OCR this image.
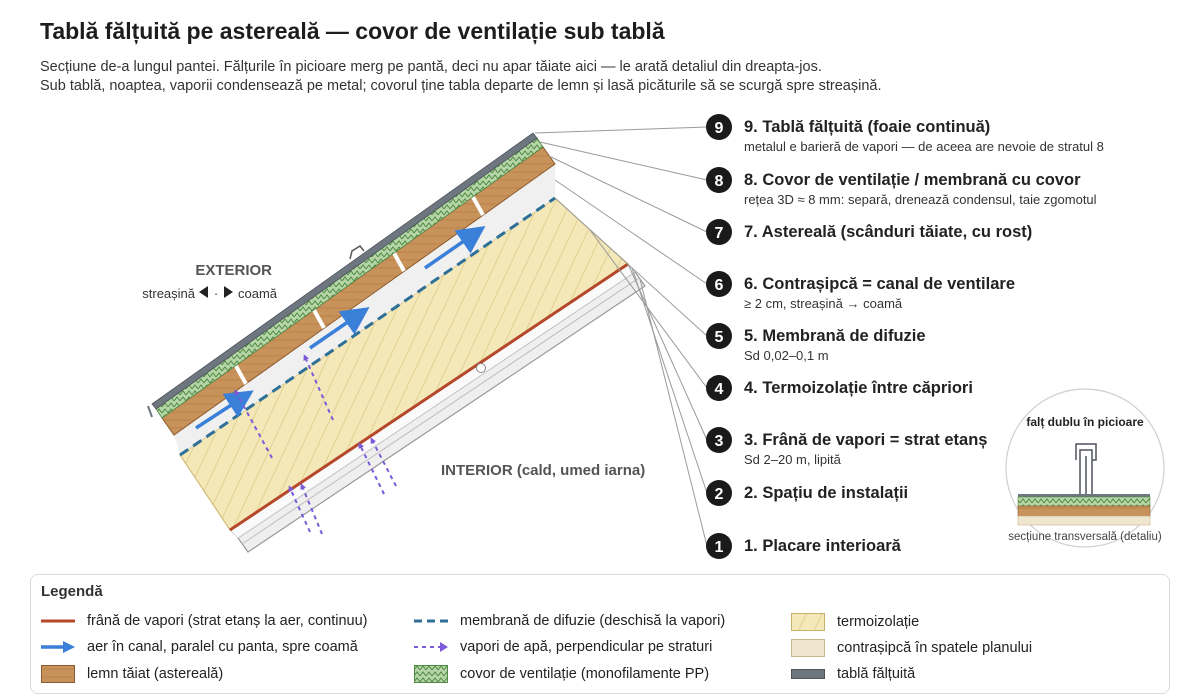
Tablă fălțuită pe astereală — covor de ventilație sub tablă
Secțiune de-a lungul pantei. Fălțurile în picioare merg pe pantă, deci nu apar tăiate aici — le arată detaliul din dreapta-jos.
Sub tablă, noaptea, vaporii condensează pe metal; covorul ține tabla departe de lemn și lasă picăturile să se scurgă spre streașină.
EXTERIOR
streașină · coamă
INTERIOR (cald, umed iarna)
9 9. Tablă fălțuită (foaie continuă)
metalul e barieră de vapori — de aceea are nevoie de stratul 8
8 8. Covor de ventilație / membrană cu covor
rețea 3D ≈ 8 mm: separă, drenează condensul, taie zgomotul
7 7. Astereală (scânduri tăiate, cu rost)
6 6. Contrașipcă = canal de ventilare
≥ 2 cm, streașină → coamă
5 5. Membrană de difuzie
Sd 0,02–0,1 m
4 4. Termoizolație între căpriori
3 3. Frână de vapori = strat etanș
Sd 2–20 m, lipită
2 2. Spațiu de instalații
1 1. Placare interioară
falț dublu în picioare
secțiune transversală (detaliu)
Legendă
frână de vapori (strat etanș la aer, continuu)	membrană de difuzie (deschisă la vapori)	termoizolație
aer în canal, paralel cu panta, spre coamă	vapori de apă, perpendicular pe straturi	contrașipcă în spatele planului
lemn tăiat (astereală)	covor de ventilație (monofilamente PP)	tablă fălțuită
